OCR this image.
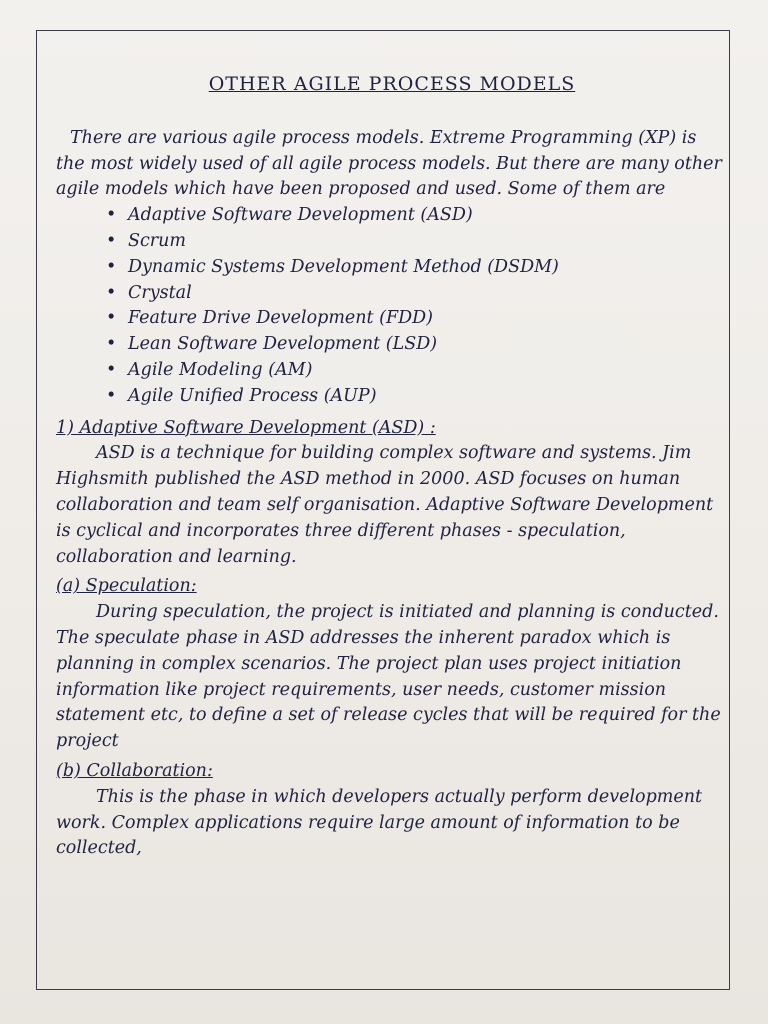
OTHER AGILE PROCESS MODELS

There are various agile process models. Extreme Programming (XP) is the most widely used of all agile process models. But there are many other agile models which have been proposed and used. Some of them are

• Adaptive Software Development (ASD)
• Scrum
• Dynamic Systems Development Method (DSDM)
• Crystal
• Feature Drive Development (FDD)
• Lean Software Development (LSD)
• Agile Modeling (AM)
• Agile Unified Process (AUP)
1) Adaptive Software Development (ASD) :

ASD is a technique for building complex software and systems. Jim Highsmith published the ASD method in 2000. ASD focuses on human collaboration and team self organisation. Adaptive Software Development is cyclical and incorporates three different phases - speculation, collaboration and learning.

(a) Speculation:

During speculation, the project is initiated and planning is conducted. The speculate phase in ASD addresses the inherent paradox which is planning in complex scenarios. The project plan uses project initiation information like project requirements, user needs, customer mission statement etc, to define a set of release cycles that will be required for the project

(b) Collaboration:

This is the phase in which developers actually perform development work. Complex applications require large amount of information to be collected,
